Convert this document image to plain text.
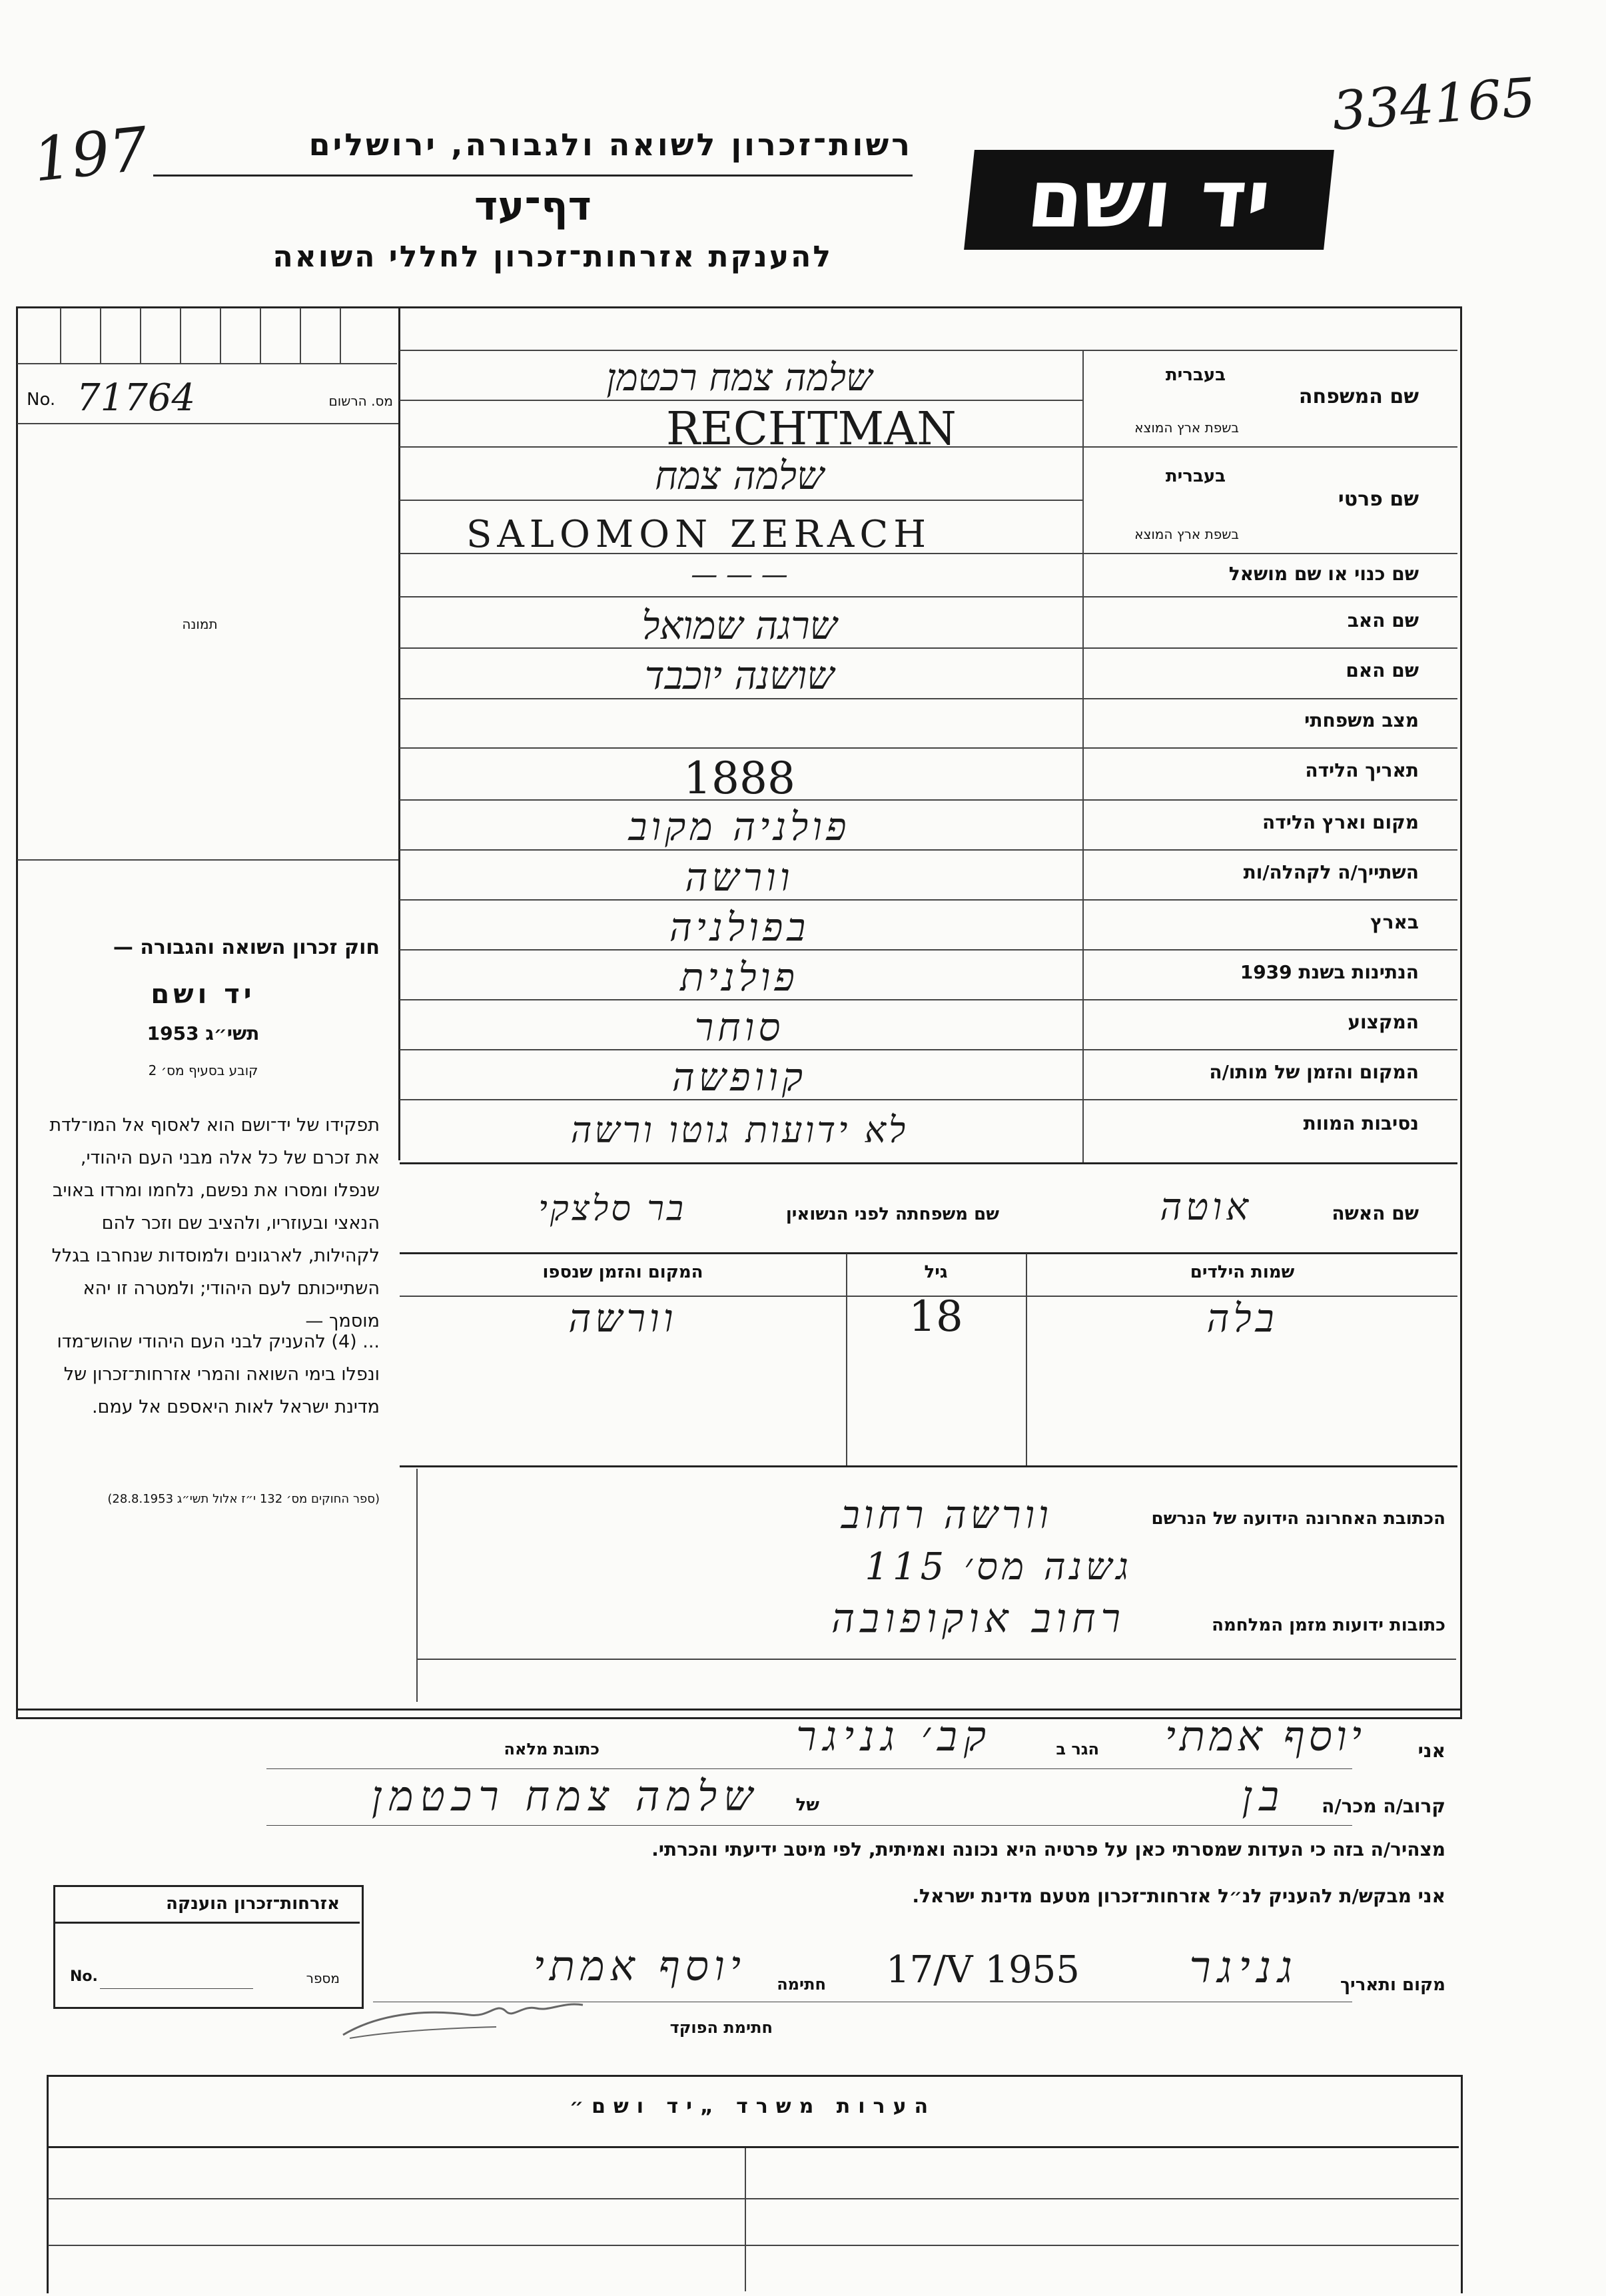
197
334165
רשות־זכרון לשואה ולגבורה, ירושלים
דף־עד
להענקת אזרחות־זכרון לחללי השואה
יד ושם
No. 71764	מס. הרשום
תמונה
חוק זכרון השואה והגבורה —
יד ושם
תשי״ג 1953
קובע בסעיף מס׳ 2
תפקידו של יד־ושם הוא לאסוף אל המו־לדת את זכרם של כל אלה מבני העם היהודי, שנפלו ומסרו את נפשם, נלחמו ומרדו באויב הנאצי ובעוזריו, ולהציב שם וזכר להם לקהילות, לארגונים ולמוסדות שנחרבו בגלל השתייכותם לעם היהודי; ולמטרה זו יהא מוסמך —
... (4) להעניק לבני העם היהודי שהוש־מדו ונפלו בימי השואה והמרי אזרחות־זכרון של מדינת ישראל לאות היאספם אל עמם.
(ספר החוקים מס׳ 132 י״ז אלול תשי״ג 28.8.1953)
שם המשפחה
בעברית
בשפת ארץ המוצא
שם פרטי
בעברית
בשפת ארץ המוצא
שם כנוי או שם מושאל
שם האב
שם האם
מצב משפחתי
תאריך הלידה
מקום וארץ הלידה
השתייך/ה לקהלה/ות
בארץ
הנתינות בשנת 1939
המקצוע
המקום והזמן של מותו/ה
נסיבות המוות
שלמה צמח רכטמן
RECHTMAN
שלמה צמח
SALOMON ZERACH
— — —
שרגה שמואל
שושנה יוכבד
1888
פולניה מקוב
וורשה
בפולניה
פולנית
סוחר
קוופשה
לא ידועות גוטו ורשה
שם האשה
אוטה
שם משפחתה לפני הנשואין
בר סלצקי
שמות הילדים
גיל
המקום והזמן שנספו
בלה
18
וורשה
הכתובת האחרונה הידועה של הנרשם
וורשה רחוב
גשנה מס׳ 115
כתובות ידועות מזמן המלחמה
רחוב אוקופובה
אני
יוסף אמתי
הגר ב
קב׳ גניגר
כתובת מלאה
קרוב/ה מכר/ה
בן
של
שלמה צמח רכטמן
מצהיר/ה בזה כי העדות שמסרתי כאן על פרטיה היא נכונה ואמיתית, לפי מיטב ידיעתי והכרתי.
אני מבקש/ת להעניק לנ״ל אזרחות־זכרון מטעם מדינת ישראל.
מקום ותאריך
גניגר
17/V 1955
חתימה
יוסף אמתי
חתימת הפוקד
אזרחות־זכרון הוענקה
No.	מספר
הערות משרד „יד ושם״
